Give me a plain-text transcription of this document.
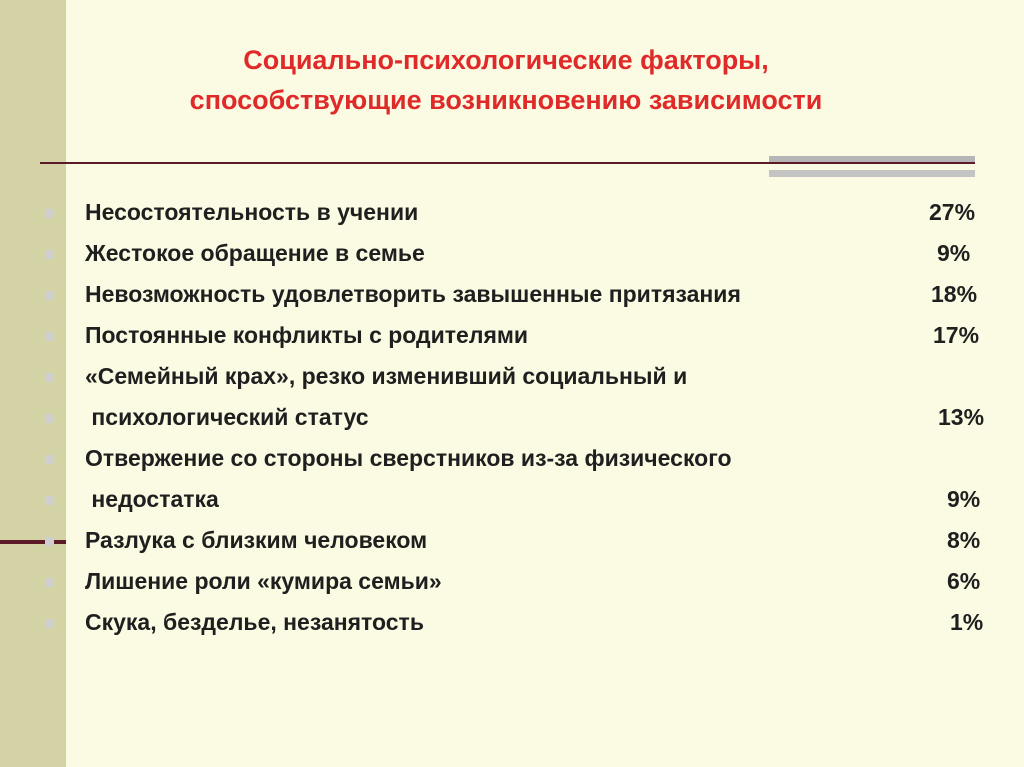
Социально-психологические факторы,
способствующие возникновению зависимости
Несостоятельность в учении	27%
Жестокое обращение в семье	9%
Невозможность удовлетворить завышенные притязания	18%
Постоянные конфликты с родителями	17%
«Семейный крах», резко изменивший социальный и
психологический статус	13%
Отвержение со стороны сверстников из-за физического
недостатка	9%
Разлука с близким человеком	8%
Лишение роли «кумира семьи»	6%
Скука, безделье, незанятость	1%
